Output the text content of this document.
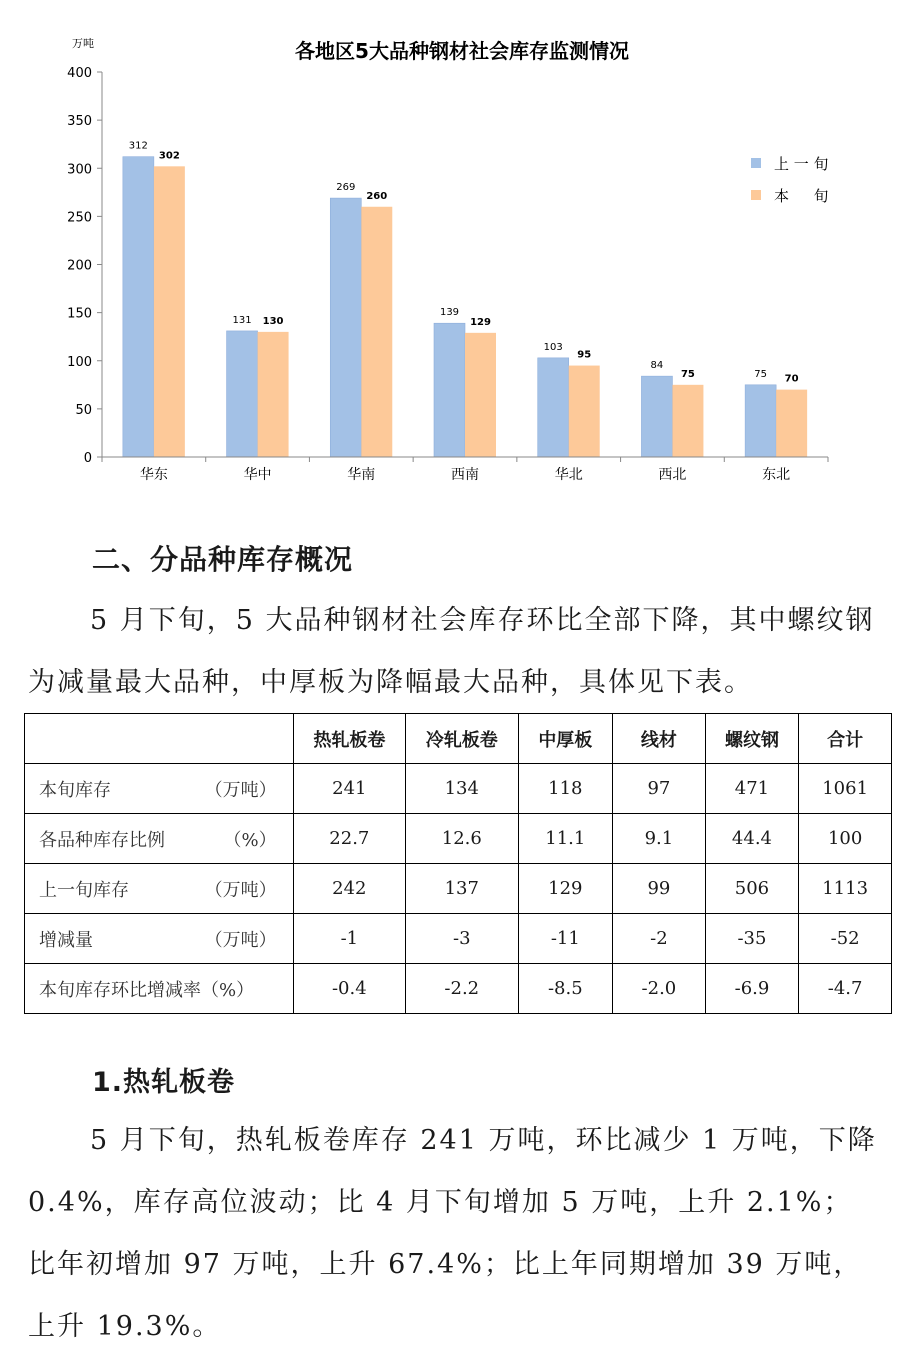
各地区5大品种钢材社会库存监测情况
万吨
0
50
100
150
200
250
300
350
400
312
302
131 130
269
260
139
129
103
95
84
75	75 70
华东	华中	华南	西南	华北	西北	东北
上 一 旬
本 　 旬
二、分品种库存概况

5 月下旬，5 大品种钢材社会库存环比全部下降，其中螺纹钢为减量最大品种，中厚板为降幅最大品种，具体见下表。

	热轧板卷	冷轧板卷	中厚板	线材	螺纹钢	合计

本旬库存 （万吨）	241	134	118	97	471	1061

各品种库存比例 （%）	22.7	12.6	11.1	9.1	44.4	100

上一旬库存 （万吨）	242	137	129	99	506	1113

增减量 （万吨）	-1	-3	-11	-2	-35	-52

本旬库存环比增减率（%）	-0.4	-2.2	-8.5	-2.0	-6.9	-4.7
1.热轧板卷

5 月下旬，热轧板卷库存 241 万吨，环比减少 1 万吨，下降 0.4%，库存高位波动；比 4 月下旬增加 5 万吨，上升 2.1%；比年初增加 97 万吨，上升 67.4%；比上年同期增加 39 万吨，上升 19.3%。
